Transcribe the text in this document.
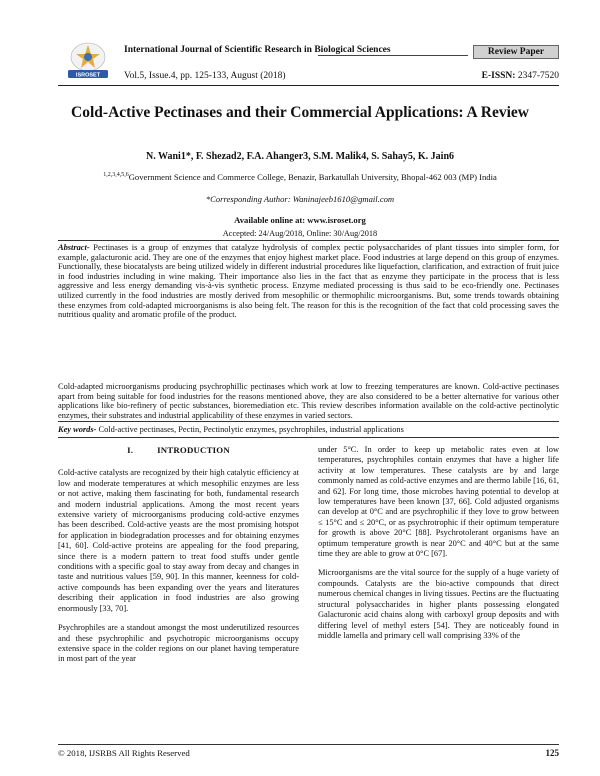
ISROSET
International Journal of Scientific Research in Biological Sciences
Vol.5, Issue.4, pp. 125-133, August (2018)
Review Paper
E-ISSN: 2347-7520
Cold-Active Pectinases and their Commercial Applications: A Review
N. Wani1*, F. Shezad2, F.A. Ahanger3, S.M. Malik4, S. Sahay5, K. Jain6
$^{1,2,3,4,5,6}$Government Science and Commerce College, Benazir, Barkatullah University, Bhopal-462 003 (MP) India
*Corresponding Author: Waninajeeb1610@gmail.com
Available online at: www.isroset.org
Accepted: 24/Aug/2018, Online: 30/Aug/2018
Abstract- Pectinases is a group of enzymes that catalyze hydrolysis of complex pectic polysaccharides of plant tissues into simpler form, for example, galacturonic acid. They are one of the enzymes that enjoy highest market place. Food industries at large depend on this group of enzymes. Functionally, these biocatalysts are being utilized widely in different industrial procedures like liquefaction, clarification, and extraction of fruit juice in food industries including in wine making. Their importance also lies in the fact that as enzyme they participate in the process that is less aggressive and less energy demanding vis-à-vis synthetic process. Enzyme mediated processing is thus said to be eco-friendly one. Pectinases utilized currently in the food industries are mostly derived from mesophilic or thermophilic microorganisms. But, some trends towards obtaining these enzymes from cold-adapted microorganisms is also being felt. The reason for this is the recognition of the fact that cold processing saves the nutritious quality and aromatic profile of the product.
Cold-adapted microorganisms producing psychrophillic pectinases which work at low to freezing temperatures are known. Cold-active pectinases apart from being suitable for food industries for the reasons mentioned above, they are also considered to be a better alternative for various other applications like bio-refinery of pectic substances, bioremediation etc. This review describes information available on the cold-active pectinolytic enzymes, their substrates and industrial applicability of these enzymes in varied sectors.
Key words- Cold-active pectinases, Pectin, Pectinolytic enzymes, psychrophiles, industrial applications
I.          INTRODUCTION

Cold-active catalysts are recognized by their high catalytic efficiency at low and moderate temperatures at which mesophilic enzymes are less or not active, making them fascinating for both, fundamental research and modern industrial applications. Among the most recent years extensive variety of microorganisms producing cold-active enzymes has been described. Cold-active yeasts are the most promising hotspot for application in biodegradation processes and for obtaining enzymes [41, 60]. Cold-active proteins are appealing for the food preparing, since there is a modern pattern to treat food stuffs under gentle conditions with a specific goal to stay away from decay and changes in taste and nutritious values [59, 90]. In this manner, keenness for cold-active compounds has been expanding over the years and literatures describing their application in food industries are also growing enormously [33, 70].

Psychrophiles are a standout amongst the most underutilized resources and these psychrophilic and psychotropic microorganisms occupy extensive space in the colder regions on our planet having temperature in most part of the year

under 5°C. In order to keep up metabolic rates even at low temperatures, psychrophiles contain enzymes that have a higher life activity at low temperatures. These catalysts are by and large commonly named as cold-active enzymes and are thermo labile [16, 61, and 62]. For long time, those microbes having potential to develop at low temperatures have been known [37, 66]. Cold adjusted organisms can develop at 0°C and are psychrophilic if they love to grow between ≤ 15°C and ≤ 20°C, or as psychrotrophic if their optimum temperature for growth is above 20°C [88]. Psychrotolerant organisms have an optimum temperature growth is near 20°C and 40°C but at the same time they are able to grow at 0°C [67].

Microorganisms are the vital source for the supply of a huge variety of compounds. Catalysts are the bio-active compounds that direct numerous chemical changes in living tissues. Pectins are the fluctuating structural polysaccharides in higher plants possessing elongated Galacturonic acid chains along with carboxyl group deposits and with differing level of methyl esters [54]. They are noticeably found in middle lamella and primary cell wall comprising 33% of the

© 2018, IJSRBS All Rights Reserved	125
